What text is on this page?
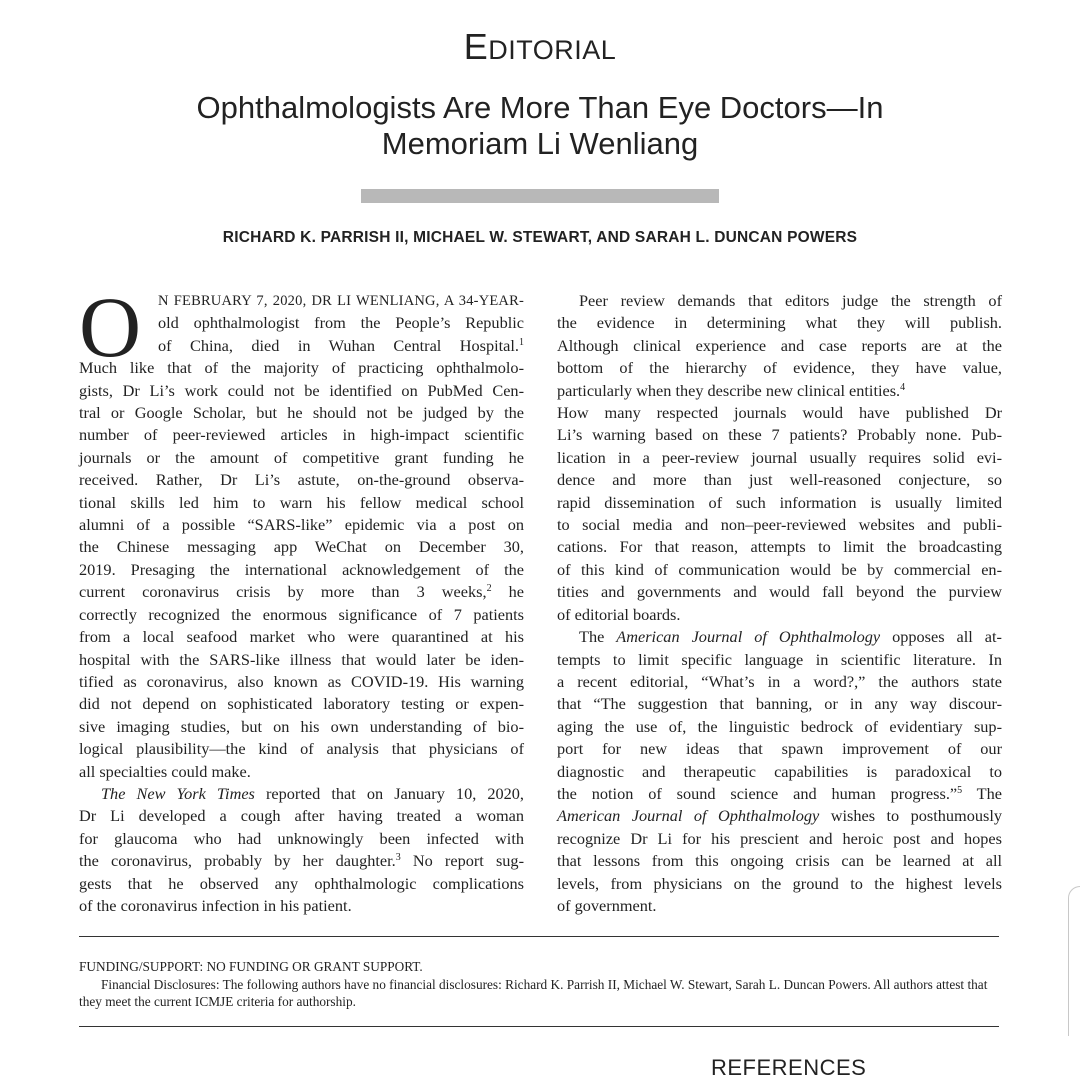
EDITORIAL
Ophthalmologists Are More Than Eye Doctors—In
Memoriam Li Wenliang
RICHARD K. PARRISH II, MICHAEL W. STEWART, AND SARAH L. DUNCAN POWERS
O	N FEBRUARY 7, 2020, DR LI WENLIANG, A 34-YEAR-
old ophthalmologist from the People’s Republic
of China, died in Wuhan Central Hospital.$^1$
Much like that of the majority of practicing ophthalmolo-
gists, Dr Li’s work could not be identified on PubMed Cen-
tral or Google Scholar, but he should not be judged by the
number of peer-reviewed articles in high-impact scientific
journals or the amount of competitive grant funding he
received. Rather, Dr Li’s astute, on-the-ground observa-
tional skills led him to warn his fellow medical school
alumni of a possible “SARS-like” epidemic via a post on
the Chinese messaging app WeChat on December 30,
2019. Presaging the international acknowledgement of the
current coronavirus crisis by more than 3 weeks,$^2$ he
correctly recognized the enormous significance of 7 patients
from a local seafood market who were quarantined at his
hospital with the SARS-like illness that would later be iden-
tified as coronavirus, also known as COVID-19. His warning
did not depend on sophisticated laboratory testing or expen-
sive imaging studies, but on his own understanding of bio-
logical plausibility—the kind of analysis that physicians of
all specialties could make.

The New York Times reported that on January 10, 2020,
Dr Li developed a cough after having treated a woman
for glaucoma who had unknowingly been infected with
the coronavirus, probably by her daughter.$^3$ No report sug-
gests that he observed any ophthalmologic complications
of the coronavirus infection in his patient.

Peer review demands that editors judge the strength of
the evidence in determining what they will publish.
Although clinical experience and case reports are at the
bottom of the hierarchy of evidence, they have value,
particularly when they describe new clinical entities.$^4$
How many respected journals would have published Dr
Li’s warning based on these 7 patients? Probably none. Pub-
lication in a peer-review journal usually requires solid evi-
dence and more than just well-reasoned conjecture, so
rapid dissemination of such information is usually limited
to social media and non–peer-reviewed websites and publi-
cations. For that reason, attempts to limit the broadcasting
of this kind of communication would be by commercial en-
tities and governments and would fall beyond the purview
of editorial boards.

The American Journal of Ophthalmology opposes all at-
tempts to limit specific language in scientific literature. In
a recent editorial, “What’s in a word?,” the authors state
that “The suggestion that banning, or in any way discour-
aging the use of, the linguistic bedrock of evidentiary sup-
port for new ideas that spawn improvement of our
diagnostic and therapeutic capabilities is paradoxical to
the notion of sound science and human progress.”$^5$ The
American Journal of Ophthalmology wishes to posthumously
recognize Dr Li for his prescient and heroic post and hopes
that lessons from this ongoing crisis can be learned at all
levels, from physicians on the ground to the highest levels
of government.

FUNDING/SUPPORT: NO FUNDING OR GRANT SUPPORT.
Financial Disclosures: The following authors have no financial disclosures: Richard K. Parrish II, Michael W. Stewart, Sarah L. Duncan Powers. All authors attest that they meet the current ICMJE criteria for authorship.
REFERENCES
